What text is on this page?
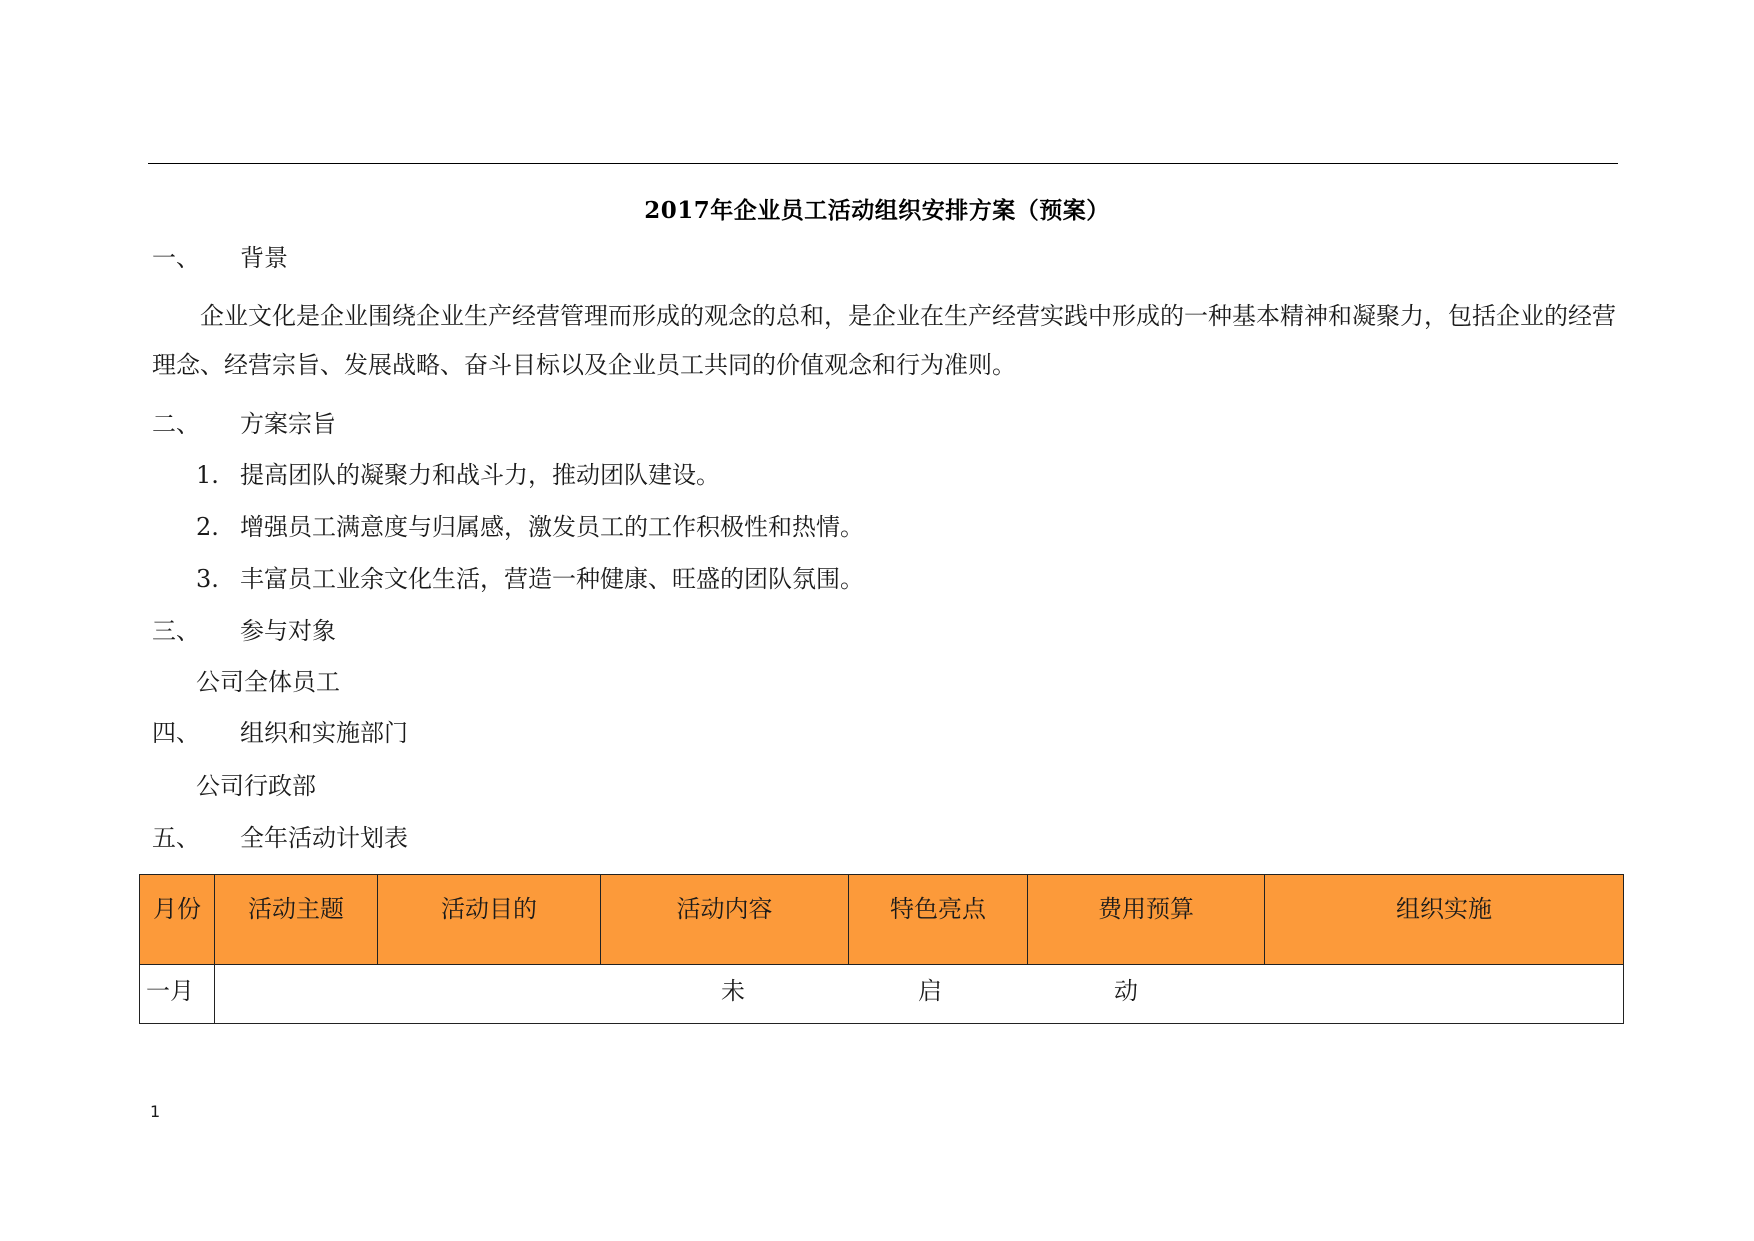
2017年企业员工活动组织安排方案（预案）
一、 背景
企业文化是企业围绕企业生产经营管理而形成的观念的总和，是企业在生产经营实践中形成的一种基本精神和凝聚力，包括企业的经营理念、经营宗旨、发展战略、奋斗目标以及企业员工共同的价值观念和行为准则。
二、 方案宗旨
1. 提高团队的凝聚力和战斗力，推动团队建设。
2. 增强员工满意度与归属感，激发员工的工作积极性和热情。
3. 丰富员工业余文化生活，营造一种健康、旺盛的团队氛围。
三、 参与对象
公司全体员工
四、 组织和实施部门
公司行政部
五、 全年活动计划表
月份	活动主题	活动目的	活动内容	特色亮点	费用预算	组织实施
一月	未 启 动					
1
